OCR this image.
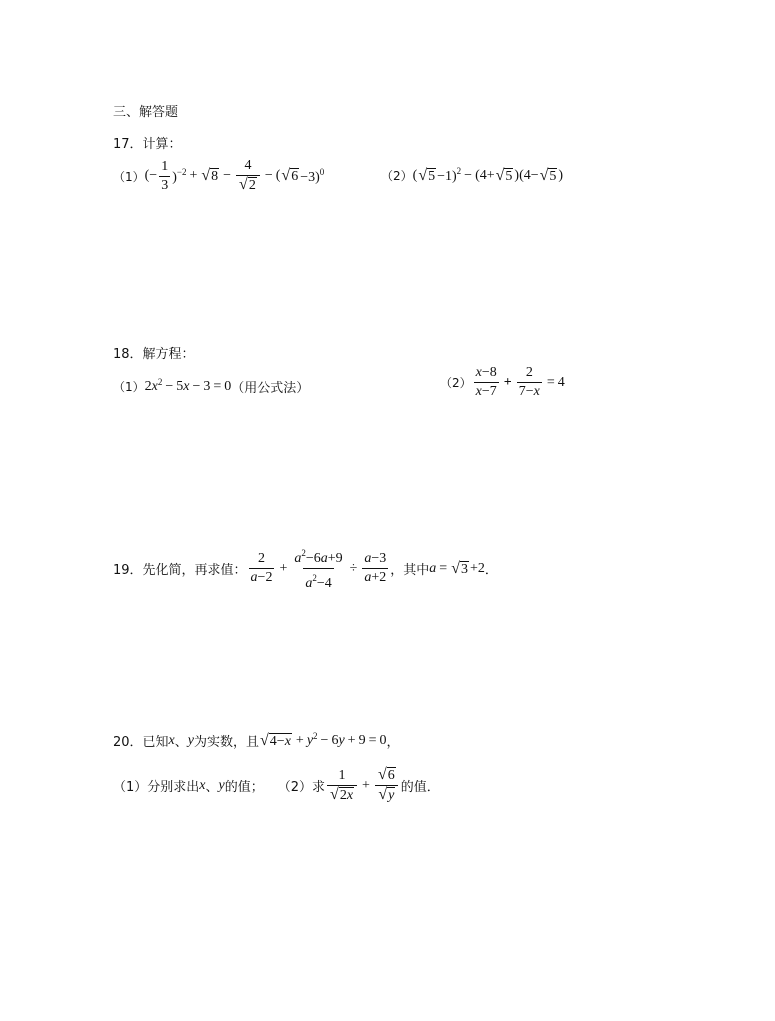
三、解答题
17．计算：
（1） (− $\frac{1}{3} )^{-2}$ + √ $8 - \frac{4}{√ 2}$ − ( √ 6 −3)$^0$	（2） ( √ 5 −1)$^2$ − (4+ √ 5 )(4− √ 5 )
18．解方程：
（1） 2 x $^2$ − 5 x − 3 = 0 （用公式法）	$(2) \frac{x-8}{x-7} + \frac{2}{7-x} = 4$
19．先化简，再求值： $\frac{2}{a-2} + \frac{a^2-6a+9}{a^2-4} \div \frac{a-3}{a+2}$ ，其中 a = √ 3 +2 ．
20．已知 x 、 y 为实数，且 √ 4−x + y $^2$ − 6 y + 9 = 0 ，
（1）分别求出 x 、 y 的值； （2）求 $\frac{1}{√ 2x} + \frac{√ 6}{√ y}$ 的值．
